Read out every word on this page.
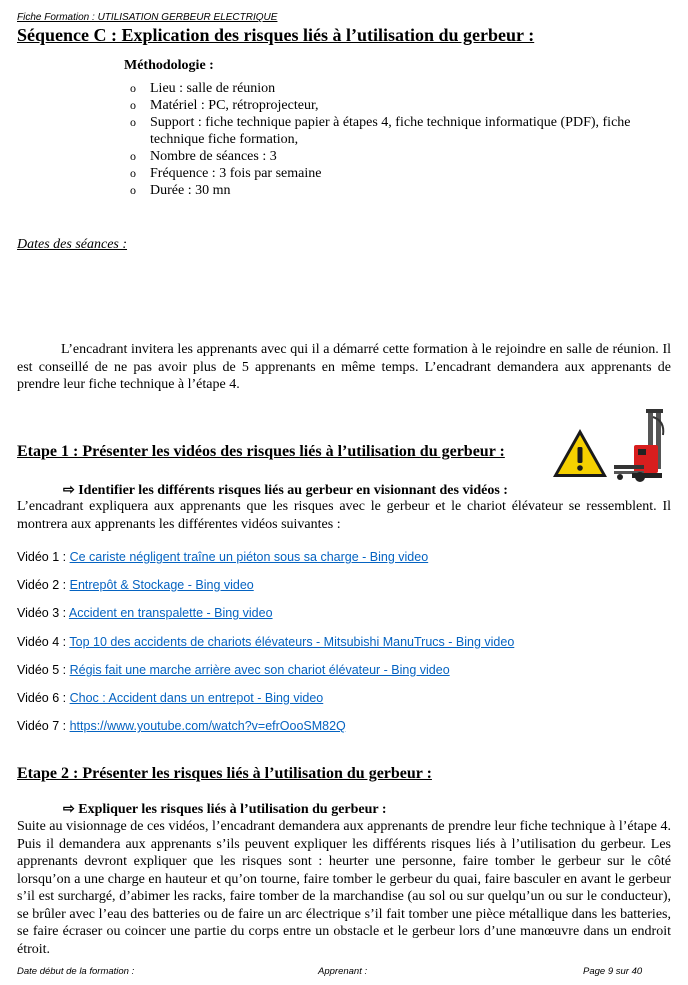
Fiche Formation : UTILISATION GERBEUR ELECTRIQUE
Séquence C : Explication des risques liés à l’utilisation du gerbeur :
Méthodologie :
o Lieu : salle de réunion
o Matériel : PC, rétroprojecteur,
o Support : fiche technique papier à étapes 4, fiche technique informatique (PDF), fiche technique fiche formation,
o Nombre de séances : 3
o Fréquence : 3 fois par semaine
o Durée : 30 mn
Dates des séances :
L’encadrant invitera les apprenants avec qui il a démarré cette formation à le rejoindre en salle de réunion. Il est conseillé de ne pas avoir plus de 5 apprenants en même temps. L’encadrant demandera aux apprenants de prendre leur fiche technique à l’étape 4.
Etape 1 : Présenter les vidéos des risques liés à l’utilisation du gerbeur :
⇨ Identifier les différents risques liés au gerbeur en visionnant des vidéos :
L’encadrant expliquera aux apprenants que les risques avec le gerbeur et le chariot élévateur se ressemblent. Il montrera aux apprenants les différentes vidéos suivantes :
Vidéo 1 : Ce cariste négligent traîne un piéton sous sa charge - Bing video
Vidéo 2 : Entrepôt & Stockage - Bing video
Vidéo 3 : Accident en transpalette - Bing video
Vidéo 4 : Top 10 des accidents de chariots élévateurs - Mitsubishi ManuTrucs - Bing video
Vidéo 5 : Régis fait une marche arrière avec son chariot élévateur - Bing video
Vidéo 6 : Choc : Accident dans un entrepot - Bing video
Vidéo 7 : https://www.youtube.com/watch?v=efrOooSM82Q
Etape 2 : Présenter les risques liés à l’utilisation du gerbeur :
⇨ Expliquer les risques liés à l’utilisation du gerbeur :
Suite au visionnage de ces vidéos, l’encadrant demandera aux apprenants de prendre leur fiche technique à l’étape 4. Puis il demandera aux apprenants s’ils peuvent expliquer les différents risques liés à l’utilisation du gerbeur. Les apprenants devront expliquer que les risques sont : heurter une personne, faire tomber le gerbeur sur le côté lorsqu’on a une charge en hauteur et qu’on tourne, faire tomber le gerbeur du quai, faire basculer en avant le gerbeur s’il est surchargé, d’abimer les racks, faire tomber de la marchandise (au sol ou sur quelqu’un ou sur le conducteur), se brûler avec l’eau des batteries ou de faire un arc électrique s’il fait tomber une pièce métallique dans les batteries, se faire écraser ou coincer une partie du corps entre un obstacle et le gerbeur lors d’une manœuvre dans un endroit étroit.
Date début de la formation :	Apprenant :	Page 9 sur 40
